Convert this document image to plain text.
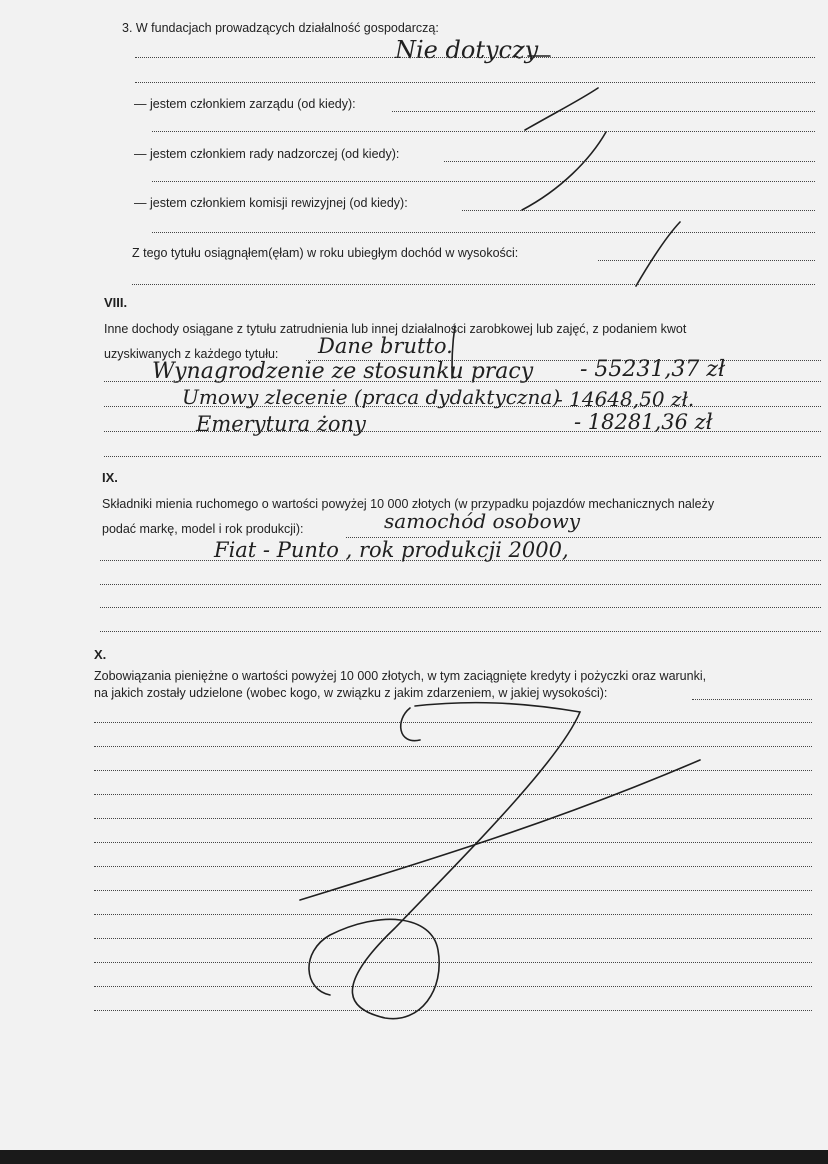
3. W fundacjach prowadzących działalność gospodarczą:
Nie dotyczy
— jestem członkiem zarządu (od kiedy):
— jestem członkiem rady nadzorczej (od kiedy):
— jestem członkiem komisji rewizyjnej (od kiedy):
Z tego tytułu osiągnąłem(ęłam) w roku ubiegłym dochód w wysokości:
VIII.
Inne dochody osiągane z tytułu zatrudnienia lub innej działalności zarobkowej lub zajęć, z podaniem kwot
uzyskiwanych z każdego tytułu: Dane brutto.
Wynagrodzenie ze stosunku pracy - 55231,37 zł
Umowy zlecenie (praca dydaktyczna)
- 14648,50 zł.
Emerytura żony	- 18281,36 zł
IX.
Składniki mienia ruchomego o wartości powyżej 10 000 złotych (w przypadku pojazdów mechanicznych należy
podać markę, model i rok produkcji):	samochód osobowy
Fiat - Punto , rok produkcji 2000,
X.
Zobowiązania pieniężne o wartości powyżej 10 000 złotych, w tym zaciągnięte kredyty i pożyczki oraz warunki,
na jakich zostały udzielone (wobec kogo, w związku z jakim zdarzeniem, w jakiej wysokości):
